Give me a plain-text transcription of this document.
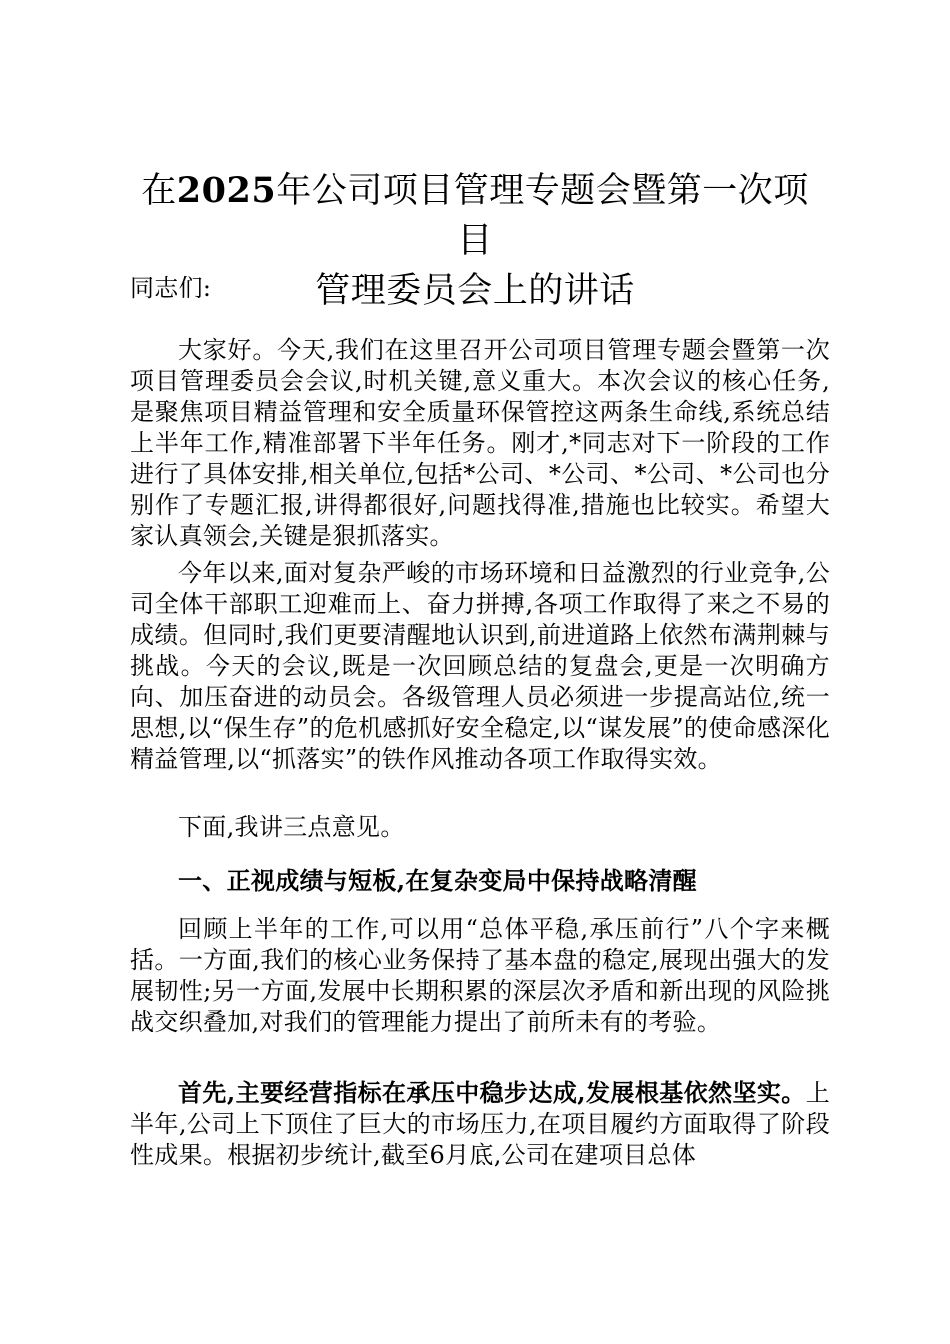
在2025年公司项目管理专题会暨第一次项目
管理委员会上的讲话

同志们:

大家好。今天,我们在这里召开公司项目管理专题会暨第一次项目管理委员会会议,时机关键,意义重大。本次会议的核心任务,是聚焦项目精益管理和安全质量环保管控这两条生命线,系统总结上半年工作,精准部署下半年任务。刚才,*同志对下一阶段的工作进行了具体安排,相关单位,包括*公司、*公司、*公司、*公司也分别作了专题汇报,讲得都很好,问题找得准,措施也比较实。希望大家认真领会,关键是狠抓落实。

今年以来,面对复杂严峻的市场环境和日益激烈的行业竞争,公司全体干部职工迎难而上、奋力拼搏,各项工作取得了来之不易的成绩。但同时,我们更要清醒地认识到,前进道路上依然布满荆棘与挑战。今天的会议,既是一次回顾总结的复盘会,更是一次明确方向、加压奋进的动员会。各级管理人员必须进一步提高站位,统一思想,以“保生存”的危机感抓好安全稳定,以“谋发展”的使命感深化精益管理,以“抓落实”的铁作风推动各项工作取得实效。

下面,我讲三点意见。

一、正视成绩与短板,在复杂变局中保持战略清醒

回顾上半年的工作,可以用“总体平稳,承压前行”八个字来概括。一方面,我们的核心业务保持了基本盘的稳定,展现出强大的发展韧性;另一方面,发展中长期积累的深层次矛盾和新出现的风险挑战交织叠加,对我们的管理能力提出了前所未有的考验。

首先,主要经营指标在承压中稳步达成,发展根基依然坚实。上半年,公司上下顶住了巨大的市场压力,在项目履约方面取得了阶段性成果。根据初步统计,截至6月底,公司在建项目总体
